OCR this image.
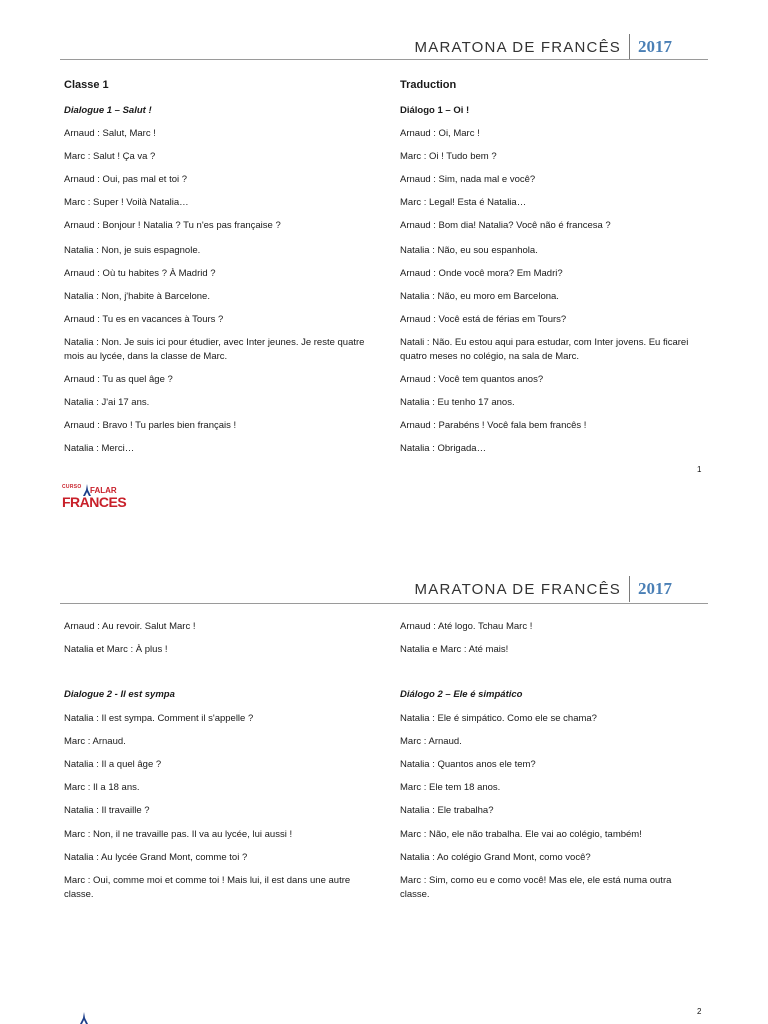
MARATONA DE FRANCÊS	2017

Classe 1

Dialogue 1 – Salut !

Arnaud : Salut, Marc !

Marc : Salut ! Ça va ?

Arnaud : Oui, pas mal et toi ?

Marc : Super ! Voilà Natalia…

Arnaud : Bonjour ! Natalia ? Tu n'es pas française ?

Natalia : Non, je suis espagnole.

Arnaud : Où tu habites ? À Madrid ?

Natalia : Non, j'habite à Barcelone.

Arnaud : Tu es en vacances à Tours ?

Natalia : Non. Je suis ici pour étudier, avec Inter jeunes. Je reste quatre

mois au lycée, dans la classe de Marc.

Arnaud : Tu as quel âge ?

Natalia : J'ai 17 ans.

Arnaud : Bravo ! Tu parles bien français !

Natalia : Merci…

Traduction

Diálogo 1 – Oi !

Arnaud : Oi, Marc !

Marc : Oi ! Tudo bem ?

Arnaud : Sim, nada mal e você?

Marc : Legal! Esta é Natalia…

Arnaud : Bom dia! Natalia? Você não é francesa ?

Natalia : Não, eu sou espanhola.

Arnaud : Onde você mora? Em Madri?

Natalia : Não, eu moro em Barcelona.

Arnaud : Você está de férias em Tours?

Natali : Não. Eu estou aqui para estudar, com Inter jovens. Eu ficarei

quatro meses no colégio, na sala de Marc.

Arnaud : Você tem quantos anos?

Natalia : Eu tenho 17 anos.

Arnaud : Parabéns ! Você fala bem francês !

Natalia : Obrigada…

1
CURSO FALAR
FRANCES
MARATONA DE FRANCÊS	2017

Arnaud : Au revoir. Salut Marc !

Natalia et Marc : À plus !

Dialogue 2 - Il est sympa

Natalia : Il est sympa. Comment il s'appelle ?

Marc : Arnaud.

Natalia : Il a quel âge ?

Marc : Il a 18 ans.

Natalia : Il travaille ?

Marc : Non, il ne travaille pas. Il va au lycée, lui aussi !

Natalia : Au lycée Grand Mont, comme toi ?

Marc : Oui, comme moi et comme toi ! Mais lui, il est dans une autre

classe.

Arnaud : Até logo. Tchau Marc !

Natalia e Marc : Até mais!

Diálogo 2 – Ele é simpático

Natalia : Ele é simpático. Como ele se chama?

Marc : Arnaud.

Natalia : Quantos anos ele tem?

Marc : Ele tem 18 anos.

Natalia : Ele trabalha?

Marc : Não, ele não trabalha. Ele vai ao colégio, também!

Natalia : Ao colégio Grand Mont, como você?

Marc : Sim, como eu e como você! Mas ele, ele está numa outra

classe.

2
